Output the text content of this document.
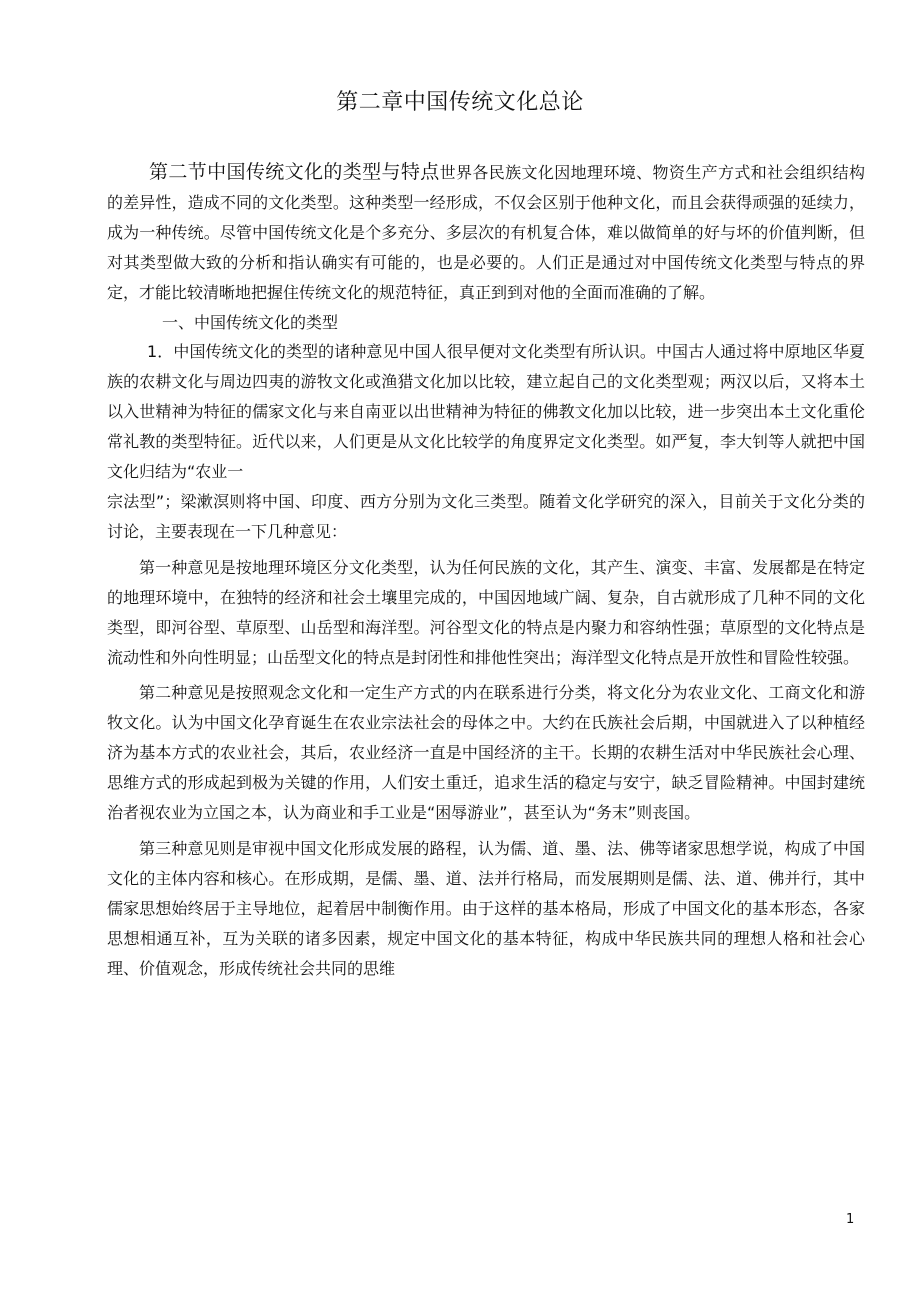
第二章中国传统文化总论

第二节中国传统文化的类型与特点世界各民族文化因地理环境、物资生产方式和社会组织结构的差异性，造成不同的文化类型。这种类型一经形成，不仅会区别于他种文化，而且会获得顽强的延续力，成为一种传统。尽管中国传统文化是个多充分、多层次的有机复合体，难以做简单的好与坏的价值判断，但对其类型做大致的分析和指认确实有可能的，也是必要的。人们正是通过对中国传统文化类型与特点的界定，才能比较清晰地把握住传统文化的规范特征，真正到到对他的全面而准确的了解。

一、中国传统文化的类型

1．中国传统文化的类型的诸种意见中国人很早便对文化类型有所认识。中国古人通过将中原地区华夏族的农耕文化与周边四夷的游牧文化或渔猎文化加以比较，建立起自己的文化类型观；两汉以后，又将本土以入世精神为特征的儒家文化与来自南亚以出世精神为特征的佛教文化加以比较，进一步突出本土文化重伦常礼教的类型特征。近代以来，人们更是从文化比较学的角度界定文化类型。如严复，李大钊等人就把中国文化归结为“农业一

宗法型”；梁漱溟则将中国、印度、西方分别为文化三类型。随着文化学研究的深入，目前关于文化分类的讨论，主要表现在一下几种意见：

第一种意见是按地理环境区分文化类型，认为任何民族的文化，其产生、演变、丰富、发展都是在特定的地理环境中，在独特的经济和社会土壤里完成的，中国因地域广阔、复杂，自古就形成了几种不同的文化类型，即河谷型、草原型、山岳型和海洋型。河谷型文化的特点是内聚力和容纳性强；草原型的文化特点是流动性和外向性明显；山岳型文化的特点是封闭性和排他性突出；海洋型文化特点是开放性和冒险性较强。

第二种意见是按照观念文化和一定生产方式的内在联系进行分类，将文化分为农业文化、工商文化和游牧文化。认为中国文化孕育诞生在农业宗法社会的母体之中。大约在氏族社会后期，中国就进入了以种植经济为基本方式的农业社会，其后，农业经济一直是中国经济的主干。长期的农耕生活对中华民族社会心理、思维方式的形成起到极为关键的作用，人们安土重迁，追求生活的稳定与安宁，缺乏冒险精神。中国封建统治者视农业为立国之本，认为商业和手工业是“困辱游业”，甚至认为“务末”则丧国。

第三种意见则是审视中国文化形成发展的路程，认为儒、道、墨、法、佛等诸家思想学说，构成了中国文化的主体内容和核心。在形成期，是儒、墨、道、法并行格局，而发展期则是儒、法、道、佛并行，其中儒家思想始终居于主导地位，起着居中制衡作用。由于这样的基本格局，形成了中国文化的基本形态，各家思想相通互补，互为关联的诸多因素，规定中国文化的基本特征，构成中华民族共同的理想人格和社会心理、价值观念，形成传统社会共同的思维

1
